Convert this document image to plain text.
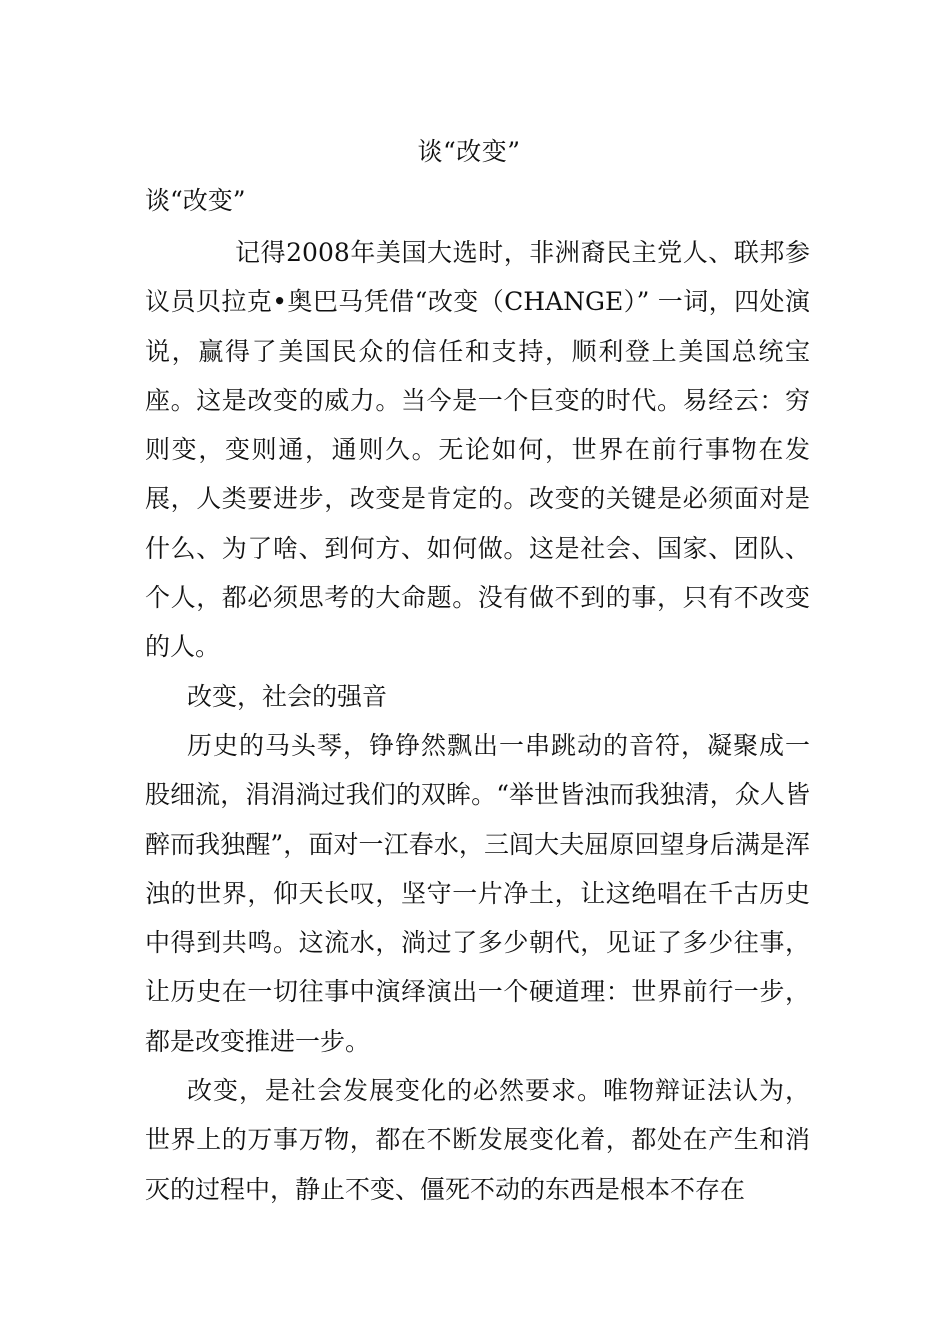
谈“改变”
谈“改变”

记得2008年美国大选时，非洲裔民主党人、联邦参议员贝拉克•奥巴马凭借“改变（CHANGE）” 一词，四处演说，赢得了美国民众的信任和支持，顺利登上美国总统宝座。这是改变的威力。当今是一个巨变的时代。易经云：穷则变，变则通，通则久。无论如何，世界在前行事物在发展，人类要进步，改变是肯定的。改变的关键是必须面对是什么、为了啥、到何方、如何做。这是社会、国家、团队、个人，都必须思考的大命题。没有做不到的事，只有不改变的人。

改变，社会的强音

历史的马头琴，铮铮然飘出一串跳动的音符，凝聚成一股细流，涓涓淌过我们的双眸。“举世皆浊而我独清，众人皆醉而我独醒”，面对一江春水，三闾大夫屈原回望身后满是浑浊的世界，仰天长叹，坚守一片净土，让这绝唱在千古历史中得到共鸣。这流水，淌过了多少朝代，见证了多少往事，让历史在一切往事中演绎演出一个硬道理：世界前行一步，都是改变推进一步。

改变，是社会发展变化的必然要求。唯物辩证法认为，世界上的万事万物，都在不断发展变化着，都处在产生和消灭的过程中，静止不变、僵死不动的东西是根本不存在
